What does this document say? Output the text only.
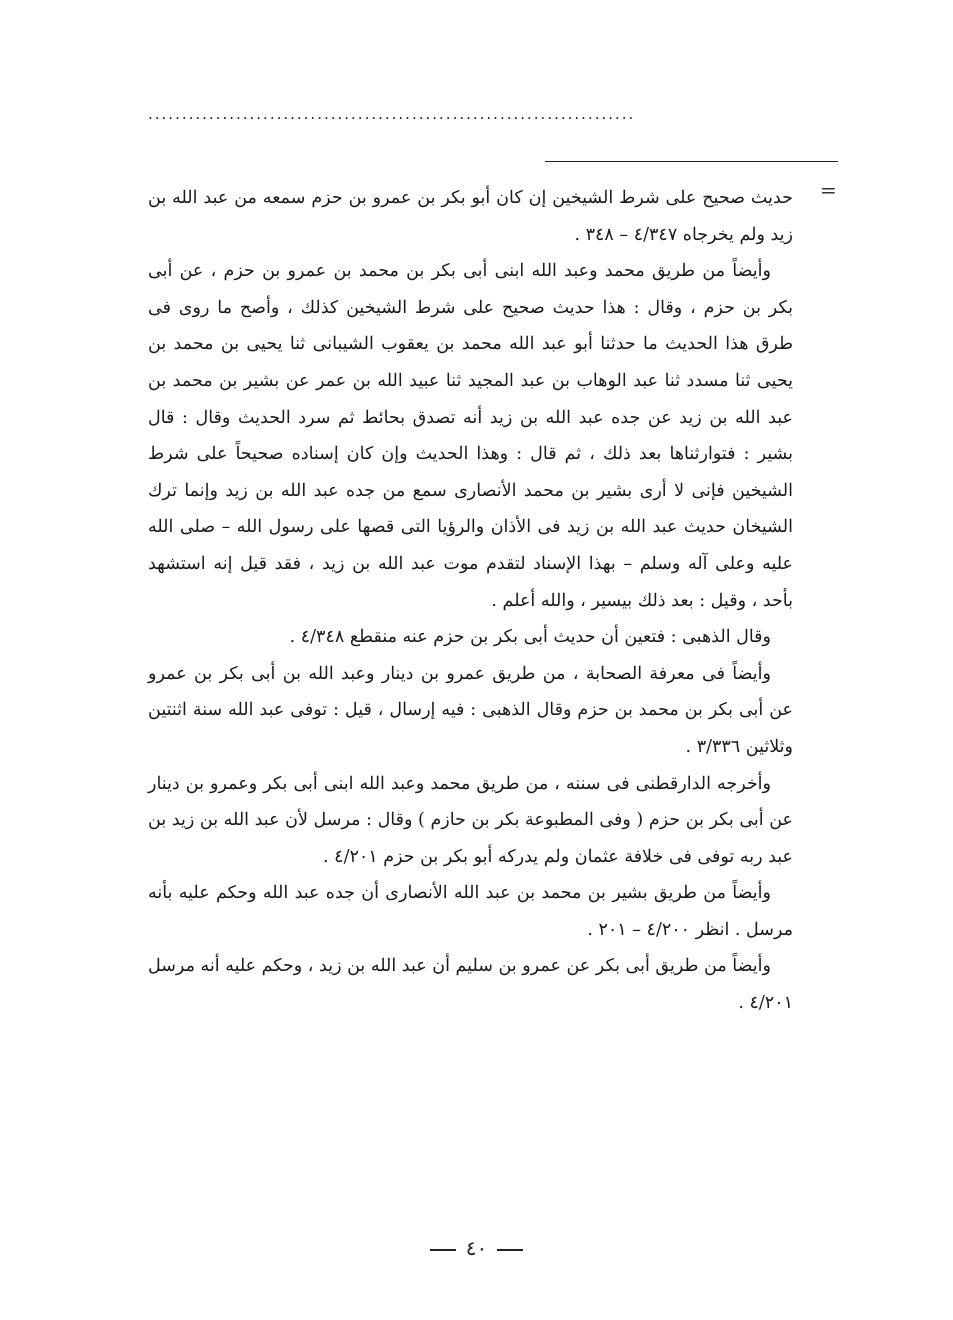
........................................................................
=

حديث صحيح على شرط الشيخين إن كان أبو بكر بن عمرو بن حزم سمعه من عبد الله بن زيد ولم يخرجاه ٤/٣٤٧ – ٣٤٨ .

وأيضاً من طريق محمد وعبد الله ابنى أبى بكر بن محمد بن عمرو بن حزم ، عن أبى بكر بن حزم ، وقال : هذا حديث صحيح على شرط الشيخين كذلك ، وأصح ما روى فى طرق هذا الحديث ما حدثنا أبو عبد الله محمد بن يعقوب الشيبانى ثنا يحيى بن محمد بن يحيى ثنا مسدد ثنا عبد الوهاب بن عبد المجيد ثنا عبيد الله بن عمر عن بشير بن محمد بن عبد الله بن زيد عن جده عبد الله بن زيد أنه تصدق بحائط ثم سرد الحديث وقال : قال بشير : فتوارثناها بعد ذلك ، ثم قال : وهذا الحديث وإن كان إسناده صحيحاً على شرط الشيخين فإنى لا أرى بشير بن محمد الأنصارى سمع من جده عبد الله بن زيد وإنما ترك الشيخان حديث عبد الله بن زيد فى الأذان والرؤيا التى قصها على رسول الله – صلى الله عليه وعلى آله وسلم – بهذا الإسناد لتقدم موت عبد الله بن زيد ، فقد قيل إنه استشهد بأحد ، وقيل : بعد ذلك بيسير ، والله أعلم .

وقال الذهبى : فتعين أن حديث أبى بكر بن حزم عنه منقطع ٤/٣٤٨ .

وأيضاً فى معرفة الصحابة ، من طريق عمرو بن دينار وعبد الله بن أبى بكر بن عمرو عن أبى بكر بن محمد بن حزم وقال الذهبى : فيه إرسال ، قيل : توفى عبد الله سنة اثنتين وثلاثين ٣/٣٣٦ .

وأخرجه الدارقطنى فى سننه ، من طريق محمد وعبد الله ابنى أبى بكر وعمرو بن دينار عن أبى بكر بن حزم ( وفى المطبوعة بكر بن حازم ) وقال : مرسل لأن عبد الله بن زيد بن عبد ربه توفى فى خلافة عثمان ولم يدركه أبو بكر بن حزم ٤/٢٠١ .

وأيضاً من طريق بشير بن محمد بن عبد الله الأنصارى أن جده عبد الله وحكم عليه بأنه مرسل . انظر ٤/٢٠٠ – ٢٠١ .

وأيضاً من طريق أبى بكر عن عمرو بن سليم أن عبد الله بن زيد ، وحكم عليه أنه مرسل ٤/٢٠١ .

٤٠
